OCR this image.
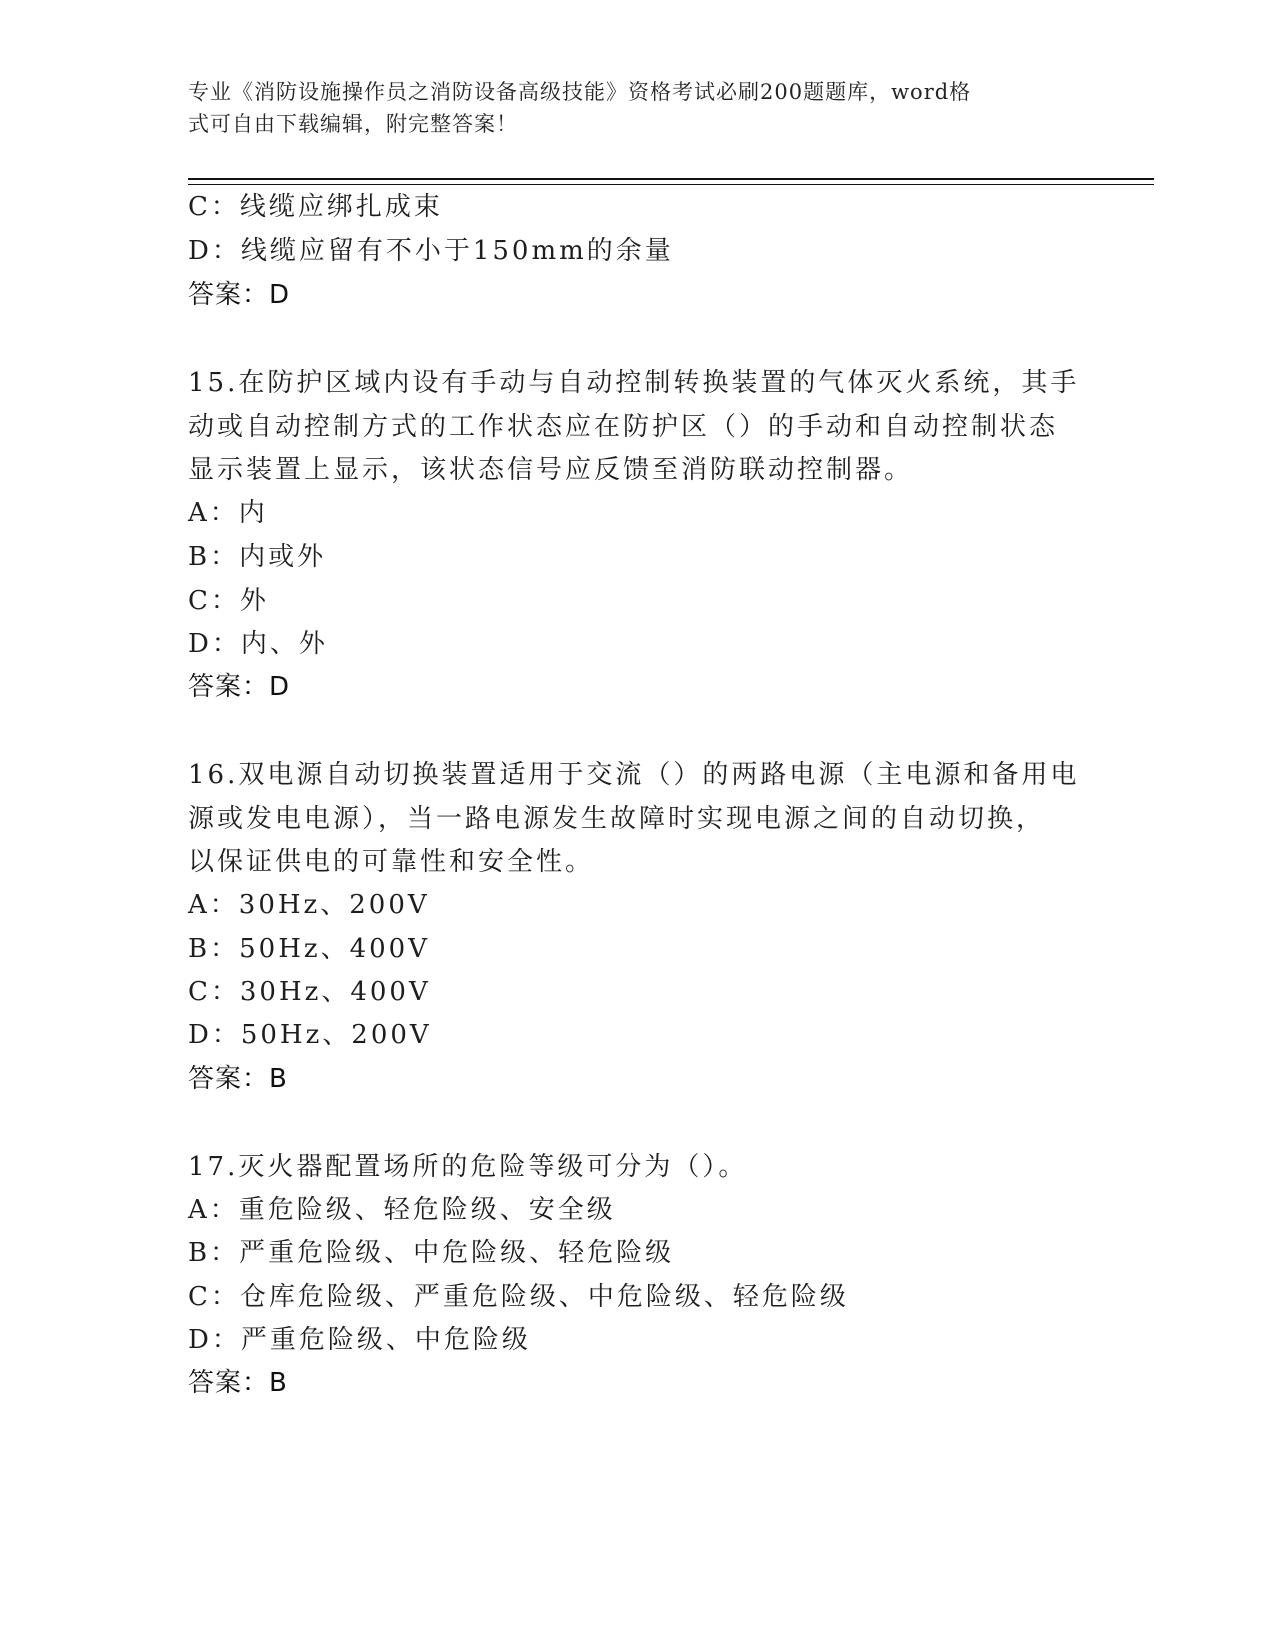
专业《消防设施操作员之消防设备高级技能》资格考试必刷200题题库，word格
式可自由下载编辑，附完整答案！
C：线缆应绑扎成束
D：线缆应留有不小于150mm的余量
答案：D
15.在防护区域内设有手动与自动控制转换装置的气体灭火系统，其手
动或自动控制方式的工作状态应在防护区（）的手动和自动控制状态
显示装置上显示，该状态信号应反馈至消防联动控制器。
A：内
B：内或外
C：外
D：内、外
答案：D
16.双电源自动切换装置适用于交流（）的两路电源（主电源和备用电
源或发电电源），当一路电源发生故障时实现电源之间的自动切换，
以保证供电的可靠性和安全性。
A：30Hz、200V
B：50Hz、400V
C：30Hz、400V
D：50Hz、200V
答案：B
17.灭火器配置场所的危险等级可分为（）。
A：重危险级、轻危险级、安全级
B：严重危险级、中危险级、轻危险级
C：仓库危险级、严重危险级、中危险级、轻危险级
D：严重危险级、中危险级
答案：B
